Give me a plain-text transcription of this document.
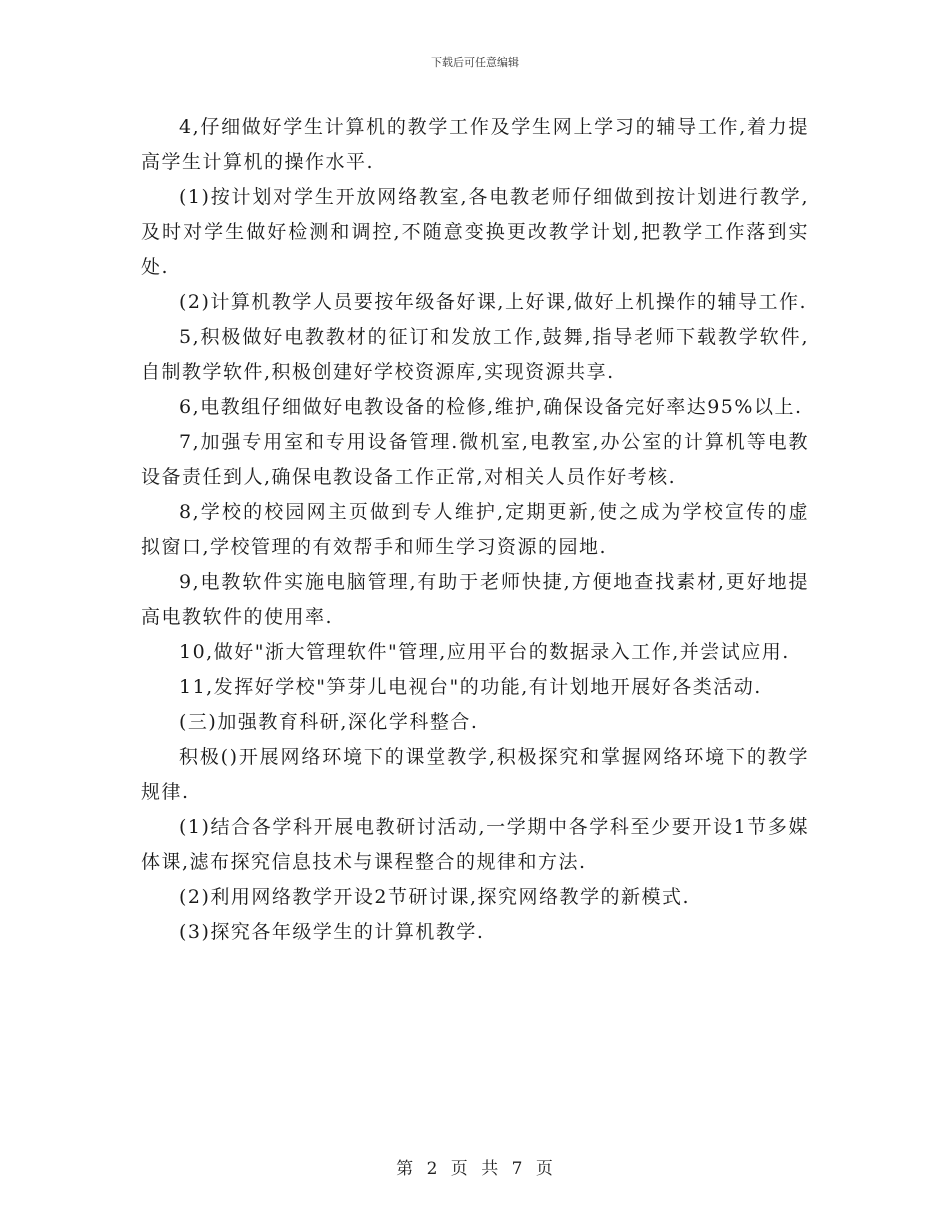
下载后可任意编辑

4,仔细做好学生计算机的教学工作及学生网上学习的辅导工作,着力提高学生计算机的操作水平.

(1)按计划对学生开放网络教室,各电教老师仔细做到按计划进行教学,及时对学生做好检测和调控,不随意变换更改教学计划,把教学工作落到实处.

(2)计算机教学人员要按年级备好课,上好课,做好上机操作的辅导工作.

5,积极做好电教教材的征订和发放工作,鼓舞,指导老师下载教学软件,自制教学软件,积极创建好学校资源库,实现资源共享.

6,电教组仔细做好电教设备的检修,维护,确保设备完好率达95%以上.

7,加强专用室和专用设备管理.微机室,电教室,办公室的计算机等电教设备责任到人,确保电教设备工作正常,对相关人员作好考核.

8,学校的校园网主页做到专人维护,定期更新,使之成为学校宣传的虚拟窗口,学校管理的有效帮手和师生学习资源的园地.

9,电教软件实施电脑管理,有助于老师快捷,方便地查找素材,更好地提高电教软件的使用率.

10,做好"浙大管理软件"管理,应用平台的数据录入工作,并尝试应用.

11,发挥好学校"笋芽儿电视台"的功能,有计划地开展好各类活动.

(三)加强教育科研,深化学科整合.

积极()开展网络环境下的课堂教学,积极探究和掌握网络环境下的教学规律.

(1)结合各学科开展电教研讨活动,一学期中各学科至少要开设1节多媒体课,滤布探究信息技术与课程整合的规律和方法.

(2)利用网络教学开设2节研讨课,探究网络教学的新模式.

(3)探究各年级学生的计算机教学.

第 2 页 共 7 页
